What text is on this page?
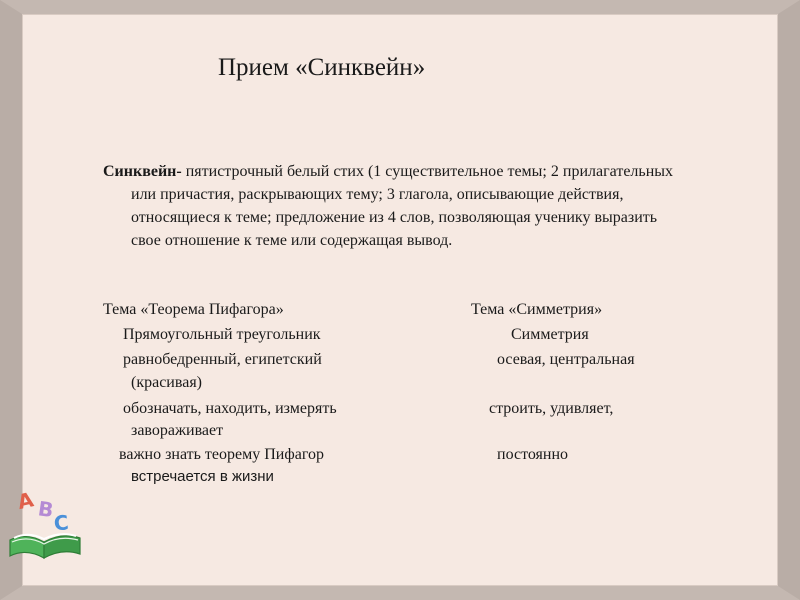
Прием «Синквейн»
Синквейн- пятистрочный белый стих (1 существительное темы; 2 прилагательных или причастия, раскрывающих тему; 3 глагола, описывающие действия, относящиеся к теме; предложение из 4 слов, позволяющая ученику выразить свое отношение к теме или содержащая вывод.
Тема «Теорема Пифагора»
Прямоугольный треугольник
равнобедренный, египетский
(красивая)
обозначать, находить, измерять
завораживает
важно знать теорему Пифагор
Тема «Симметрия»
Симметрия
осевая, центральная
строить, удивляет,
постоянно
встречается в жизни
A B
C
